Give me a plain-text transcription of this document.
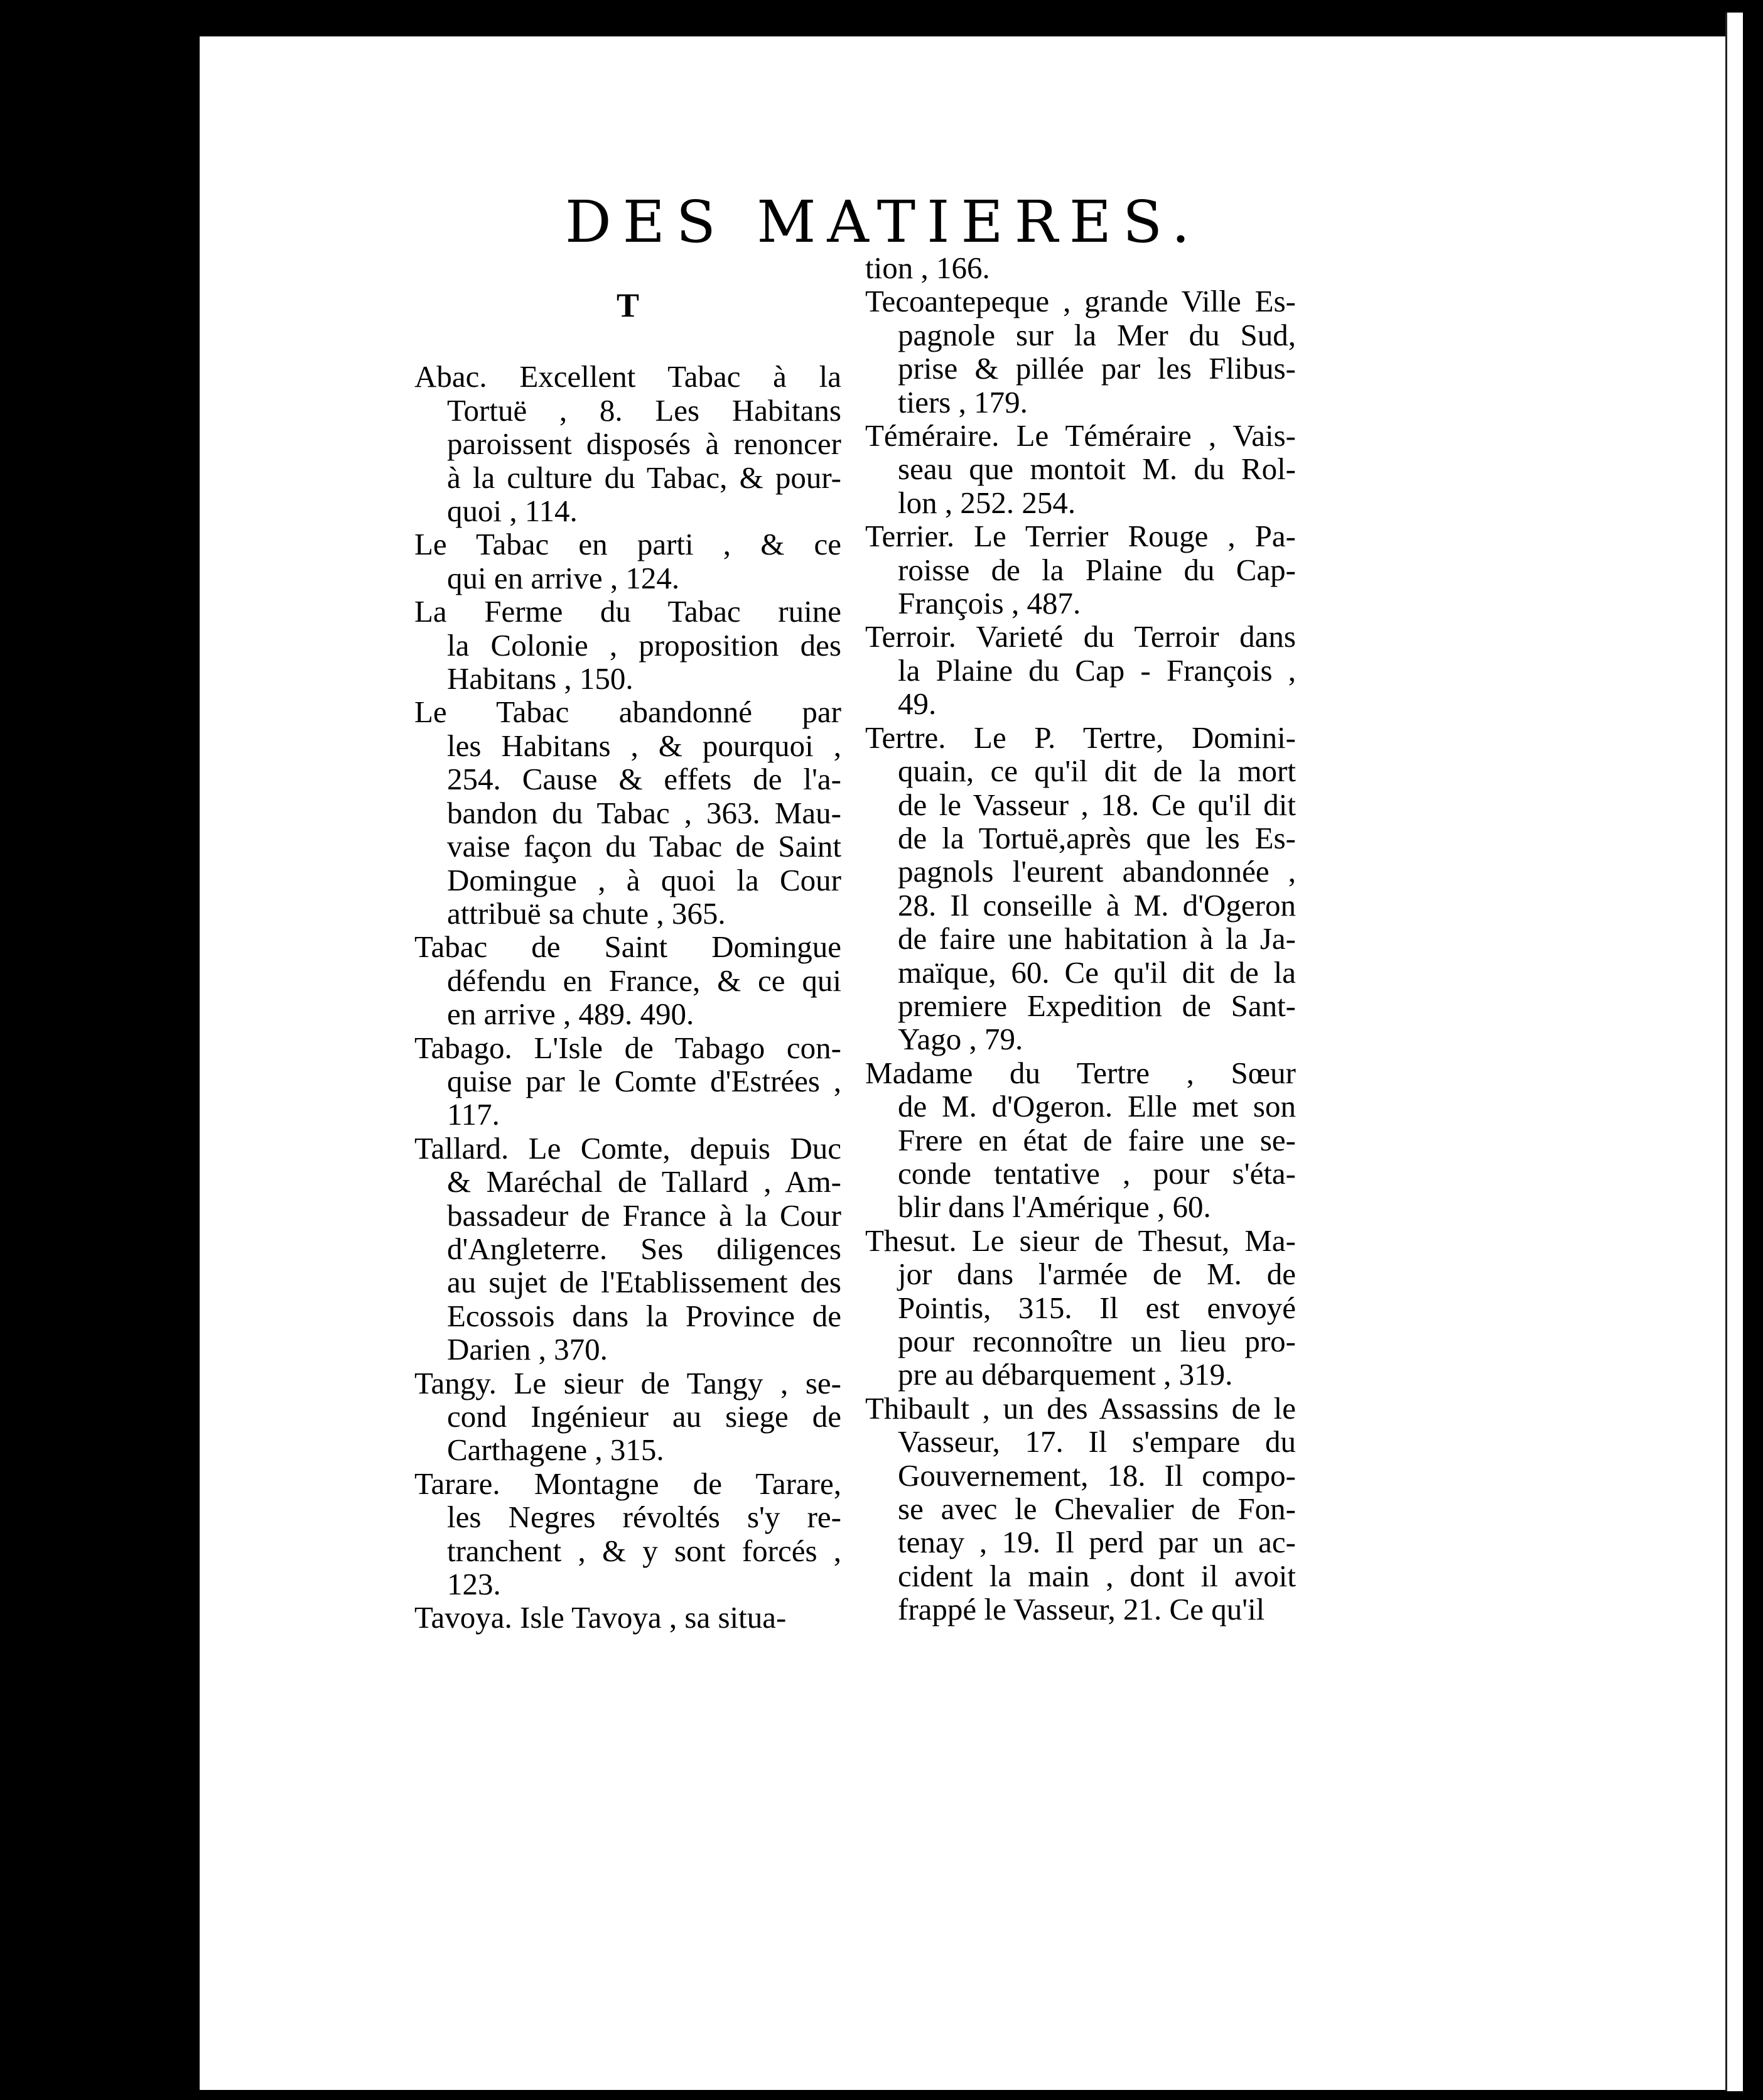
DES MATIERES.
T
Abac. Excellent Tabac à la
Tortuë , 8. Les Habitans
paroissent disposés à renoncer
à la culture du Tabac, & pour-
quoi , 114.
Le Tabac en parti , & ce
qui en arrive , 124.
La Ferme du Tabac ruine
la Colonie , proposition des
Habitans , 150.
Le Tabac abandonné par
les Habitans , & pourquoi ,
254. Cause & effets de l'a-
bandon du Tabac , 363. Mau-
vaise façon du Tabac de Saint
Domingue , à quoi la Cour
attribuë sa chute , 365.
Tabac de Saint Domingue
défendu en France, & ce qui
en arrive , 489. 490.
Tabago. L'Isle de Tabago con-
quise par le Comte d'Estrées ,
117.
Tallard. Le Comte, depuis Duc
& Maréchal de Tallard , Am-
bassadeur de France à la Cour
d'Angleterre. Ses diligences
au sujet de l'Etablissement des
Ecossois dans la Province de
Darien , 370.
Tangy. Le sieur de Tangy , se-
cond Ingénieur au siege de
Carthagene , 315.
Tarare. Montagne de Tarare,
les Negres révoltés s'y re-
tranchent , & y sont forcés ,
123.
Tavoya. Isle Tavoya , sa situa-
tion , 166.
Tecoantepeque , grande Ville Es-
pagnole sur la Mer du Sud,
prise & pillée par les Flibus-
tiers , 179.
Téméraire. Le Téméraire , Vais-
seau que montoit M. du Rol-
lon , 252. 254.
Terrier. Le Terrier Rouge , Pa-
roisse de la Plaine du Cap-
François , 487.
Terroir. Varieté du Terroir dans
la Plaine du Cap - François ,
49.
Tertre. Le P. Tertre, Domini-
quain, ce qu'il dit de la mort
de le Vasseur , 18. Ce qu'il dit
de la Tortuë,après que les Es-
pagnols l'eurent abandonnée ,
28. Il conseille à M. d'Ogeron
de faire une habitation à la Ja-
maïque, 60. Ce qu'il dit de la
premiere Expedition de Sant-
Yago , 79.
Madame du Tertre , Sœur
de M. d'Ogeron. Elle met son
Frere en état de faire une se-
conde tentative , pour s'éta-
blir dans l'Amérique , 60.
Thesut. Le sieur de Thesut, Ma-
jor dans l'armée de M. de
Pointis, 315. Il est envoyé
pour reconnoître un lieu pro-
pre au débarquement , 319.
Thibault , un des Assassins de le
Vasseur, 17. Il s'empare du
Gouvernement, 18. Il compo-
se avec le Chevalier de Fon-
tenay , 19. Il perd par un ac-
cident la main , dont il avoit
frappé le Vasseur, 21. Ce qu'il
